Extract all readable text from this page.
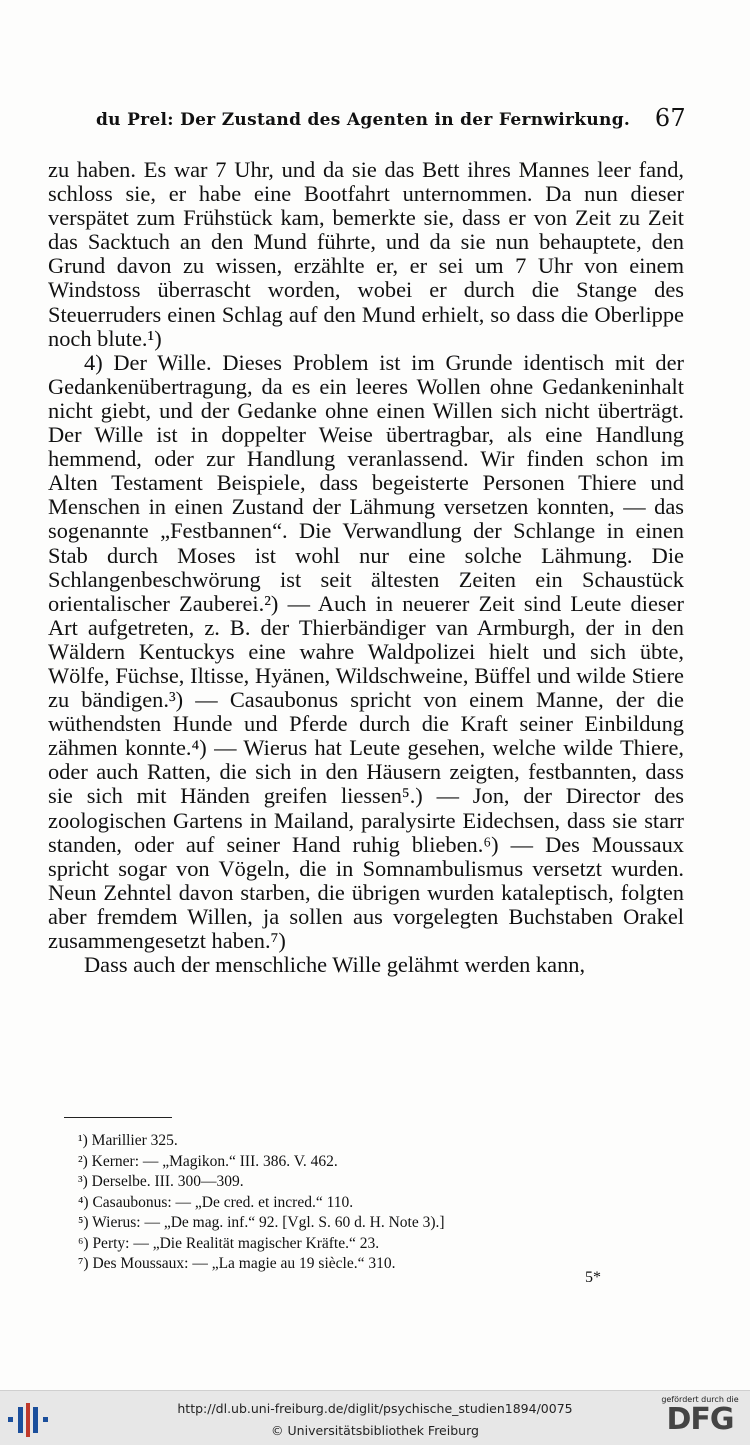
du Prel: Der Zustand des Agenten in der Fernwirkung. 67

zu haben. Es war 7 Uhr, und da sie das Bett ihres Mannes leer fand, schloss sie, er habe eine Bootfahrt unternommen. Da nun dieser verspätet zum Frühstück kam, bemerkte sie, dass er von Zeit zu Zeit das Sacktuch an den Mund führte, und da sie nun behauptete, den Grund davon zu wissen, erzählte er, er sei um 7 Uhr von einem Windstoss überrascht worden, wobei er durch die Stange des Steuerruders einen Schlag auf den Mund erhielt, so dass die Oberlippe noch blute.¹)

4) Der Wille. Dieses Problem ist im Grunde identisch mit der Gedankenübertragung, da es ein leeres Wollen ohne Gedankeninhalt nicht giebt, und der Gedanke ohne einen Willen sich nicht überträgt. Der Wille ist in doppelter Weise übertragbar, als eine Handlung hemmend, oder zur Handlung veranlassend. Wir finden schon im Alten Testament Beispiele, dass begeisterte Personen Thiere und Menschen in einen Zustand der Lähmung versetzen konnten, — das sogenannte „Festbannen“. Die Verwandlung der Schlange in einen Stab durch Moses ist wohl nur eine solche Lähmung. Die Schlangenbeschwörung ist seit ältesten Zeiten ein Schaustück orientalischer Zauberei.²) — Auch in neuerer Zeit sind Leute dieser Art aufgetreten, z. B. der Thierbändiger van Armburgh, der in den Wäldern Kentuckys eine wahre Waldpolizei hielt und sich übte, Wölfe, Füchse, Iltisse, Hyänen, Wildschweine, Büffel und wilde Stiere zu bändigen.³) — Casaubonus spricht von einem Manne, der die wüthendsten Hunde und Pferde durch die Kraft seiner Einbildung zähmen konnte.⁴) — Wierus hat Leute gesehen, welche wilde Thiere, oder auch Ratten, die sich in den Häusern zeigten, festbannten, dass sie sich mit Händen greifen liessen⁵.) — Jon, der Director des zoologischen Gartens in Mailand, paralysirte Eidechsen, dass sie starr standen, oder auf seiner Hand ruhig blieben.⁶) — Des Moussaux spricht sogar von Vögeln, die in Somnambulismus versetzt wurden. Neun Zehntel davon starben, die übrigen wurden kataleptisch, folgten aber fremdem Willen, ja sollen aus vorgelegten Buchstaben Orakel zusammengesetzt haben.⁷)

Dass auch der menschliche Wille gelähmt werden kann,

¹) Marillier 325.
²) Kerner: — „Magikon.“ III. 386. V. 462.
³) Derselbe. III. 300—309.
⁴) Casaubonus: — „De cred. et incred.“ 110.
⁵) Wierus: — „De mag. inf.“ 92. [Vgl. S. 60 d. H. Note 3).]
⁶) Perty: — „Die Realität magischer Kräfte.“ 23.
⁷) Des Moussaux: — „La magie au 19 siècle.“ 310.
5*
http://dl.ub.uni-freiburg.de/diglit/psychische_studien1894/0075
© Universitätsbibliothek Freiburg
gefördert durch die
DFG
